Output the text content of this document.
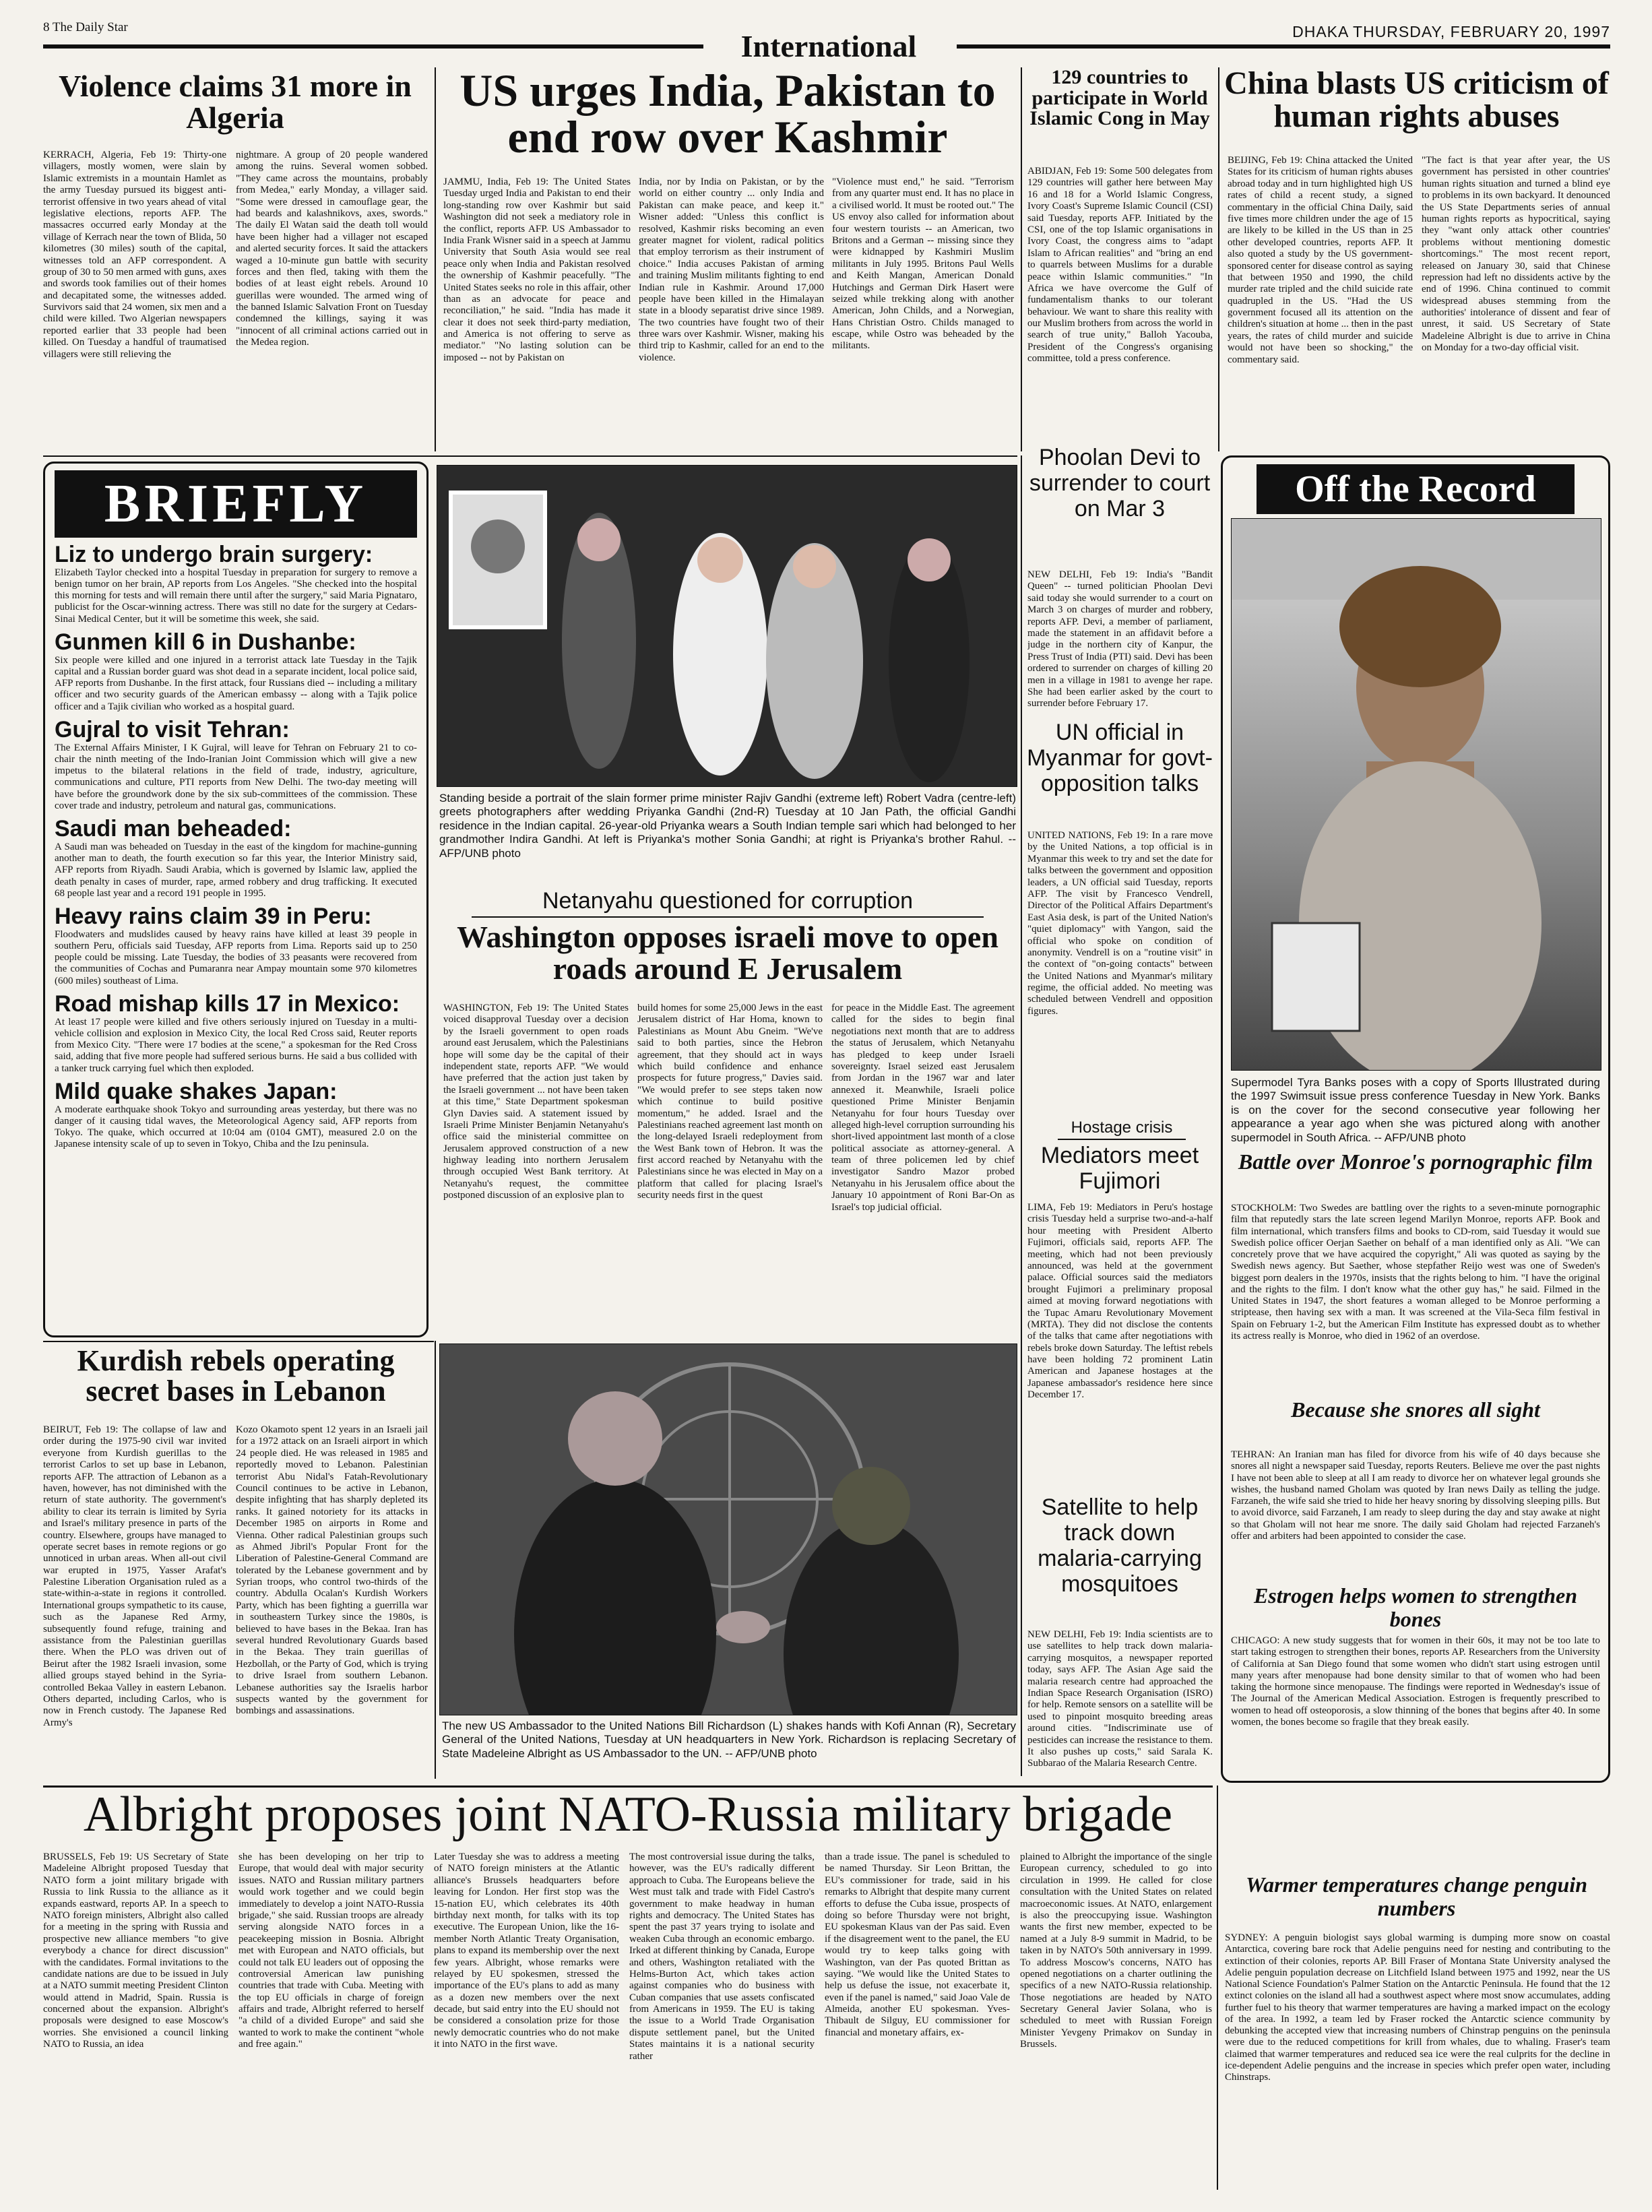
8 The Daily Star
International	DHAKA THURSDAY, FEBRUARY 20, 1997
Violence claims 31 more in Algeria

KERRACH, Algeria, Feb 19: Thirty-one villagers, mostly women, were slain by Islamic extremists in a mountain Hamlet as the army Tuesday pursued its biggest anti-terrorist offensive in two years ahead of vital legislative elections, reports AFP. The massacres occurred early Monday at the village of Kerrach near the town of Blida, 50 kilometres (30 miles) south of the capital, witnesses told an AFP correspondent. A group of 30 to 50 men armed with guns, axes and swords took families out of their homes and decapitated some, the witnesses added. Survivors said that 24 women, six men and a child were killed. Two Algerian newspapers reported earlier that 33 people had been killed. On Tuesday a handful of traumatised villagers were still relieving the

nightmare. A group of 20 people wandered among the ruins. Several women sobbed. "They came across the mountains, probably from Medea," early Monday, a villager said. "Some were dressed in camouflage gear, the had beards and kalashnikovs, axes, swords." The daily El Watan said the death toll would have been higher had a villager not escaped and alerted security forces. It said the attackers waged a 10-minute gun battle with security forces and then fled, taking with them the bodies of at least eight rebels. Around 10 guerillas were wounded. The armed wing of the banned Islamic Salvation Front on Tuesday condemned the killings, saying it was "innocent of all criminal actions carried out in the Medea region.

US urges India, Pakistan to end row over Kashmir

JAMMU, India, Feb 19: The United States Tuesday urged India and Pakistan to end their long-standing row over Kashmir but said Washington did not seek a mediatory role in the conflict, reports AFP. US Ambassador to India Frank Wisner said in a speech at Jammu University that South Asia would see real peace only when India and Pakistan resolved the ownership of Kashmir peacefully. "The United States seeks no role in this affair, other than as an advocate for peace and reconciliation," he said. "India has made it clear it does not seek third-party mediation, and America is not offering to serve as mediator." "No lasting solution can be imposed -- not by Pakistan on

India, nor by India on Pakistan, or by the world on either country ... only India and Pakistan can make peace, and keep it." Wisner added: "Unless this conflict is resolved, Kashmir risks becoming an even greater magnet for violent, radical politics that employ terrorism as their instrument of choice." India accuses Pakistan of arming and training Muslim militants fighting to end Indian rule in Kashmir. Around 17,000 people have been killed in the Himalayan state in a bloody separatist drive since 1989. The two countries have fought two of their three wars over Kashmir. Wisner, making his third trip to Kashmir, called for an end to the violence.

"Violence must end," he said. "Terrorism from any quarter must end. It has no place in a civilised world. It must be rooted out." The US envoy also called for information about four western tourists -- an American, two Britons and a German -- missing since they were kidnapped by Kashmiri Muslim militants in July 1995. Britons Paul Wells and Keith Mangan, American Donald Hutchings and German Dirk Hasert were seized while trekking along with another American, John Childs, and a Norwegian, Hans Christian Ostro. Childs managed to escape, while Ostro was beheaded by the militants.

129 countries to participate in World Islamic Cong in May

ABIDJAN, Feb 19: Some 500 delegates from 129 countries will gather here between May 16 and 18 for a World Islamic Congress, Ivory Coast's Supreme Islamic Council (CSI) said Tuesday, reports AFP. Initiated by the CSI, one of the top Islamic organisations in Ivory Coast, the congress aims to "adapt Islam to African realities" and "bring an end to quarrels between Muslims for a durable peace within Islamic communities." "In Africa we have overcome the Gulf of fundamentalism thanks to our tolerant behaviour. We want to share this reality with our Muslim brothers from across the world in search of true unity," Balloh Yacouba, President of the Congress's organising committee, told a press conference.

China blasts US criticism of human rights abuses

BEIJING, Feb 19: China attacked the United States for its criticism of human rights abuses abroad today and in turn highlighted high US rates of child a recent study, a signed commentary in the official China Daily, said five times more children under the age of 15 are likely to be killed in the US than in 25 other developed countries, reports AFP. It also quoted a study by the US government-sponsored center for disease control as saying that between 1950 and 1990, the child murder rate tripled and the child suicide rate quadrupled in the US. "Had the US government focused all its attention on the children's situation at home ... then in the past years, the rates of child murder and suicide would not have been so shocking," the commentary said.

"The fact is that year after year, the US government has persisted in other countries' human rights situation and turned a blind eye to problems in its own backyard. It denounced the US State Departments series of annual human rights reports as hypocritical, saying they "want only attack other countries' problems without mentioning domestic shortcomings." The most recent report, released on January 30, said that Chinese repression had left no dissidents active by the end of 1996. China continued to commit widespread abuses stemming from the authorities' intolerance of dissent and fear of unrest, it said. US Secretary of State Madeleine Albright is due to arrive in China on Monday for a two-day official visit.

BRIEFLY
Liz to undergo brain surgery:
Elizabeth Taylor checked into a hospital Tuesday in preparation for surgery to remove a benign tumor on her brain, AP reports from Los Angeles. "She checked into the hospital this morning for tests and will remain there until after the surgery," said Maria Pignataro, publicist for the Oscar-winning actress. There was still no date for the surgery at Cedars-Sinai Medical Center, but it will be sometime this week, she said.
Gunmen kill 6 in Dushanbe:
Six people were killed and one injured in a terrorist attack late Tuesday in the Tajik capital and a Russian border guard was shot dead in a separate incident, local police said, AFP reports from Dushanbe. In the first attack, four Russians died -- including a military officer and two security guards of the American embassy -- along with a Tajik police officer and a Tajik civilian who worked as a hospital guard.
Gujral to visit Tehran:
The External Affairs Minister, I K Gujral, will leave for Tehran on February 21 to co-chair the ninth meeting of the Indo-Iranian Joint Commission which will give a new impetus to the bilateral relations in the field of trade, industry, agriculture, communications and culture, PTI reports from New Delhi. The two-day meeting will have before the groundwork done by the six sub-committees of the commission. These cover trade and industry, petroleum and natural gas, communications.
Saudi man beheaded:
A Saudi man was beheaded on Tuesday in the east of the kingdom for machine-gunning another man to death, the fourth execution so far this year, the Interior Ministry said, AFP reports from Riyadh. Saudi Arabia, which is governed by Islamic law, applied the death penalty in cases of murder, rape, armed robbery and drug trafficking. It executed 68 people last year and a record 191 people in 1995.
Heavy rains claim 39 in Peru:
Floodwaters and mudslides caused by heavy rains have killed at least 39 people in southern Peru, officials said Tuesday, AFP reports from Lima. Reports said up to 250 people could be missing. Late Tuesday, the bodies of 33 peasants were recovered from the communities of Cochas and Pumaranra near Ampay mountain some 970 kilometres (600 miles) southeast of Lima.
Road mishap kills 17 in Mexico:
At least 17 people were killed and five others seriously injured on Tuesday in a multi-vehicle collision and explosion in Mexico City, the local Red Cross said, Reuter reports from Mexico City. "There were 17 bodies at the scene," a spokesman for the Red Cross said, adding that five more people had suffered serious burns. He said a bus collided with a tanker truck carrying fuel which then exploded.
Mild quake shakes Japan:
A moderate earthquake shook Tokyo and surrounding areas yesterday, but there was no danger of it causing tidal waves, the Meteorological Agency said, AFP reports from Tokyo. The quake, which occurred at 10:04 am (0104 GMT), measured 2.0 on the Japanese intensity scale of up to seven in Tokyo, Chiba and the Izu peninsula.
Standing beside a portrait of the slain former prime minister Rajiv Gandhi (extreme left) Robert Vadra (centre-left) greets photographers after wedding Priyanka Gandhi (2nd-R) Tuesday at 10 Jan Path, the official Gandhi residence in the Indian capital. 26-year-old Priyanka wears a South Indian temple sari which had belonged to her grandmother Indira Gandhi. At left is Priyanka's mother Sonia Gandhi; at right is Priyanka's brother Rahul. -- AFP/UNB photo
Netanyahu questioned for corruption
Washington opposes israeli move to open roads around E Jerusalem

WASHINGTON, Feb 19: The United States voiced disapproval Tuesday over a decision by the Israeli government to open roads around east Jerusalem, which the Palestinians hope will some day be the capital of their independent state, reports AFP. "We would have preferred that the action just taken by the Israeli government ... not have been taken at this time," State Department spokesman Glyn Davies said. A statement issued by Israeli Prime Minister Benjamin Netanyahu's office said the ministerial committee on Jerusalem approved construction of a new highway leading into northern Jerusalem through occupied West Bank territory. At Netanyahu's request, the committee postponed discussion of an explosive plan to

build homes for some 25,000 Jews in the east Jerusalem district of Har Homa, known to Palestinians as Mount Abu Gneim. "We've said to both parties, since the Hebron agreement, that they should act in ways which build confidence and enhance prospects for future progress," Davies said. "We would prefer to see steps taken now which continue to build positive momentum," he added. Israel and the Palestinians reached agreement last month on the long-delayed Israeli redeployment from the West Bank town of Hebron. It was the first accord reached by Netanyahu with the Palestinians since he was elected in May on a platform that called for placing Israel's security needs first in the quest

for peace in the Middle East. The agreement called for the sides to begin final negotiations next month that are to address the status of Jerusalem, which Netanyahu has pledged to keep under Israeli sovereignty. Israel seized east Jerusalem from Jordan in the 1967 war and later annexed it. Meanwhile, Israeli police questioned Prime Minister Benjamin Netanyahu for four hours Tuesday over alleged high-level corruption surrounding his short-lived appointment last month of a close political associate as attorney-general. A team of three policemen led by chief investigator Sandro Mazor probed Netanyahu in his Jerusalem office about the January 10 appointment of Roni Bar-On as Israel's top judicial official.

Phoolan Devi to surrender to court on Mar 3

NEW DELHI, Feb 19: India's "Bandit Queen" -- turned politician Phoolan Devi said today she would surrender to a court on March 3 on charges of murder and robbery, reports AFP. Devi, a member of parliament, made the statement in an affidavit before a judge in the northern city of Kanpur, the Press Trust of India (PTI) said. Devi has been ordered to surrender on charges of killing 20 men in a village in 1981 to avenge her rape. She had been earlier asked by the court to surrender before February 17.

UN official in Myanmar for govt-opposition talks

UNITED NATIONS, Feb 19: In a rare move by the United Nations, a top official is in Myanmar this week to try and set the date for talks between the government and opposition leaders, a UN official said Tuesday, reports AFP. The visit by Francesco Vendrell, Director of the Political Affairs Department's East Asia desk, is part of the United Nation's "quiet diplomacy" with Yangon, said the official who spoke on condition of anonymity. Vendrell is on a "routine visit" in the context of "on-going contacts" between the United Nations and Myanmar's military regime, the official added. No meeting was scheduled between Vendrell and opposition figures.

Hostage crisis
Mediators meet Fujimori

LIMA, Feb 19: Mediators in Peru's hostage crisis Tuesday held a surprise two-and-a-half hour meeting with President Alberto Fujimori, officials said, reports AFP. The meeting, which had not been previously announced, was held at the government palace. Official sources said the mediators brought Fujimori a preliminary proposal aimed at moving forward negotiations with the Tupac Amaru Revolutionary Movement (MRTA). They did not disclose the contents of the talks that came after negotiations with rebels broke down Saturday. The leftist rebels have been holding 72 prominent Latin American and Japanese hostages at the Japanese ambassador's residence here since December 17.

Satellite to help track down malaria-carrying mosquitoes

NEW DELHI, Feb 19: India scientists are to use satellites to help track down malaria-carrying mosquitos, a newspaper reported today, says AFP. The Asian Age said the malaria research centre had approached the Indian Space Research Organisation (ISRO) for help. Remote sensors on a satellite will be used to pinpoint mosquito breeding areas around cities. "Indiscriminate use of pesticides can increase the resistance to them. It also pushes up costs," said Sarala K. Subbarao of the Malaria Research Centre.

Kurdish rebels operating secret bases in Lebanon

BEIRUT, Feb 19: The collapse of law and order during the 1975-90 civil war invited everyone from Kurdish guerillas to the terrorist Carlos to set up base in Lebanon, reports AFP. The attraction of Lebanon as a haven, however, has not diminished with the return of state authority. The government's ability to clear its terrain is limited by Syria and Israel's military presence in parts of the country. Elsewhere, groups have managed to operate secret bases in remote regions or go unnoticed in urban areas. When all-out civil war erupted in 1975, Yasser Arafat's Palestine Liberation Organisation ruled as a state-within-a-state in regions it controlled. International groups sympathetic to its cause, such as the Japanese Red Army, subsequently found refuge, training and assistance from the Palestinian guerillas there. When the PLO was driven out of Beirut after the 1982 Israeli invasion, some allied groups stayed behind in the Syria-controlled Bekaa Valley in eastern Lebanon. Others departed, including Carlos, who is now in French custody. The Japanese Red Army's

Kozo Okamoto spent 12 years in an Israeli jail for a 1972 attack on an Israeli airport in which 24 people died. He was released in 1985 and reportedly moved to Lebanon. Palestinian terrorist Abu Nidal's Fatah-Revolutionary Council continues to be active in Lebanon, despite infighting that has sharply depleted its ranks. It gained notoriety for its attacks in December 1985 on airports in Rome and Vienna. Other radical Palestinian groups such as Ahmed Jibril's Popular Front for the Liberation of Palestine-General Command are tolerated by the Lebanese government and by Syrian troops, who control two-thirds of the country. Abdulla Ocalan's Kurdish Workers Party, which has been fighting a guerrilla war in southeastern Turkey since the 1980s, is believed to have bases in the Bekaa. Iran has several hundred Revolutionary Guards based in the Bekaa. They train guerillas of Hezbollah, or the Party of God, which is trying to drive Israel from southern Lebanon. Lebanese authorities say the Israelis harbor suspects wanted by the government for bombings and assassinations.

The new US Ambassador to the United Nations Bill Richardson (L) shakes hands with Kofi Annan (R), Secretary General of the United Nations, Tuesday at UN headquarters in New York. Richardson is replacing Secretary of State Madeleine Albright as US Ambassador to the UN. -- AFP/UNB photo
Off the Record
Supermodel Tyra Banks poses with a copy of Sports Illustrated during the 1997 Swimsuit issue press conference Tuesday in New York. Banks is on the cover for the second consecutive year following her appearance a year ago when she was pictured along with another supermodel in South Africa. -- AFP/UNB photo
Battle over Monroe's pornographic film
STOCKHOLM: Two Swedes are battling over the rights to a seven-minute pornographic film that reputedly stars the late screen legend Marilyn Monroe, reports AFP. Book and film international, which transfers films and books to CD-rom, said Tuesday it would sue Swedish police officer Oerjan Saether on behalf of a man identified only as Ali. "We can concretely prove that we have acquired the copyright," Ali was quoted as saying by the Swedish news agency. But Saether, whose stepfather Reijo west was one of Sweden's biggest porn dealers in the 1970s, insists that the rights belong to him. "I have the original and the rights to the film. I don't know what the other guy has," he said. Filmed in the United States in 1947, the short features a woman alleged to be Monroe performing a striptease, then having sex with a man. It was screened at the Vila-Seca film festival in Spain on February 1-2, but the American Film Institute has expressed doubt as to whether its actress really is Monroe, who died in 1962 of an overdose.
Because she snores all sight
TEHRAN: An Iranian man has filed for divorce from his wife of 40 days because she snores all night a newspaper said Tuesday, reports Reuters. Believe me over the past nights I have not been able to sleep at all I am ready to divorce her on whatever legal grounds she wishes, the husband named Gholam was quoted by Iran news Daily as telling the judge. Farzaneh, the wife said she tried to hide her heavy snoring by dissolving sleeping pills. But to avoid divorce, said Farzaneh, I am ready to sleep during the day and stay awake at night so that Gholam will not hear me snore. The daily said Gholam had rejected Farzaneh's offer and arbiters had been appointed to consider the case.
Estrogen helps women to strengthen bones
CHICAGO: A new study suggests that for women in their 60s, it may not be too late to start taking estrogen to strengthen their bones, reports AP. Researchers from the University of California at San Diego found that some women who didn't start using estrogen until many years after menopause had bone density similar to that of women who had been taking the hormone since menopause. The findings were reported in Wednesday's issue of The Journal of the American Medical Association. Estrogen is frequently prescribed to women to head off osteoporosis, a slow thinning of the bones that begins after 40. In some women, the bones become so fragile that they break easily.
Albright proposes joint NATO-Russia military brigade

BRUSSELS, Feb 19: US Secretary of State Madeleine Albright proposed Tuesday that NATO form a joint military brigade with Russia to link Russia to the alliance as it expands eastward, reports AP. In a speech to NATO foreign ministers, Albright also called for a meeting in the spring with Russia and prospective new alliance members "to give everybody a chance for direct discussion" with the candidates. Formal invitations to the candidate nations are due to be issued in July at a NATO summit meeting President Clinton would attend in Madrid, Spain. Russia is concerned about the expansion. Albright's proposals were designed to ease Moscow's worries. She envisioned a council linking NATO to Russia, an idea

she has been developing on her trip to Europe, that would deal with major security issues. NATO and Russian military partners would work together and we could begin immediately to develop a joint NATO-Russia brigade," she said. Russian troops are already serving alongside NATO forces in a peacekeeping mission in Bosnia. Albright met with European and NATO officials, but could not talk EU leaders out of opposing the controversial American law punishing countries that trade with Cuba. Meeting with the top EU officials in charge of foreign affairs and trade, Albright referred to herself "a child of a divided Europe" and said she wanted to work to make the continent "whole and free again."

Later Tuesday she was to address a meeting of NATO foreign ministers at the Atlantic alliance's Brussels headquarters before leaving for London. Her first stop was the 15-nation EU, which celebrates its 40th birthday next month, for talks with its top executive. The European Union, like the 16-member North Atlantic Treaty Organisation, plans to expand its membership over the next few years. Albright, whose remarks were relayed by EU spokesmen, stressed the importance of the EU's plans to add as many as a dozen new members over the next decade, but said entry into the EU should not be considered a consolation prize for those newly democratic countries who do not make it into NATO in the first wave.

The most controversial issue during the talks, however, was the EU's radically different approach to Cuba. The Europeans believe the West must talk and trade with Fidel Castro's government to make headway in human rights and democracy. The United States has spent the past 37 years trying to isolate and weaken Cuba through an economic embargo. Irked at different thinking by Canada, Europe and others, Washington retaliated with the Helms-Burton Act, which takes action against companies who do business with Cuban companies that use assets confiscated from Americans in 1959. The EU is taking the issue to a World Trade Organisation dispute settlement panel, but the United States maintains it is a national security rather

than a trade issue. The panel is scheduled to be named Thursday. Sir Leon Brittan, the EU's commissioner for trade, said in his remarks to Albright that despite many current efforts to defuse the Cuba issue, prospects of doing so before Thursday were not bright, EU spokesman Klaus van der Pas said. Even if the disagreement went to the panel, the EU would try to keep talks going with Washington, van der Pas quoted Brittan as saying. "We would like the United States to help us defuse the issue, not exacerbate it, even if the panel is named," said Joao Vale de Almeida, another EU spokesman. Yves-Thibault de Silguy, EU commissioner for financial and monetary affairs, ex-

plained to Albright the importance of the single European currency, scheduled to go into circulation in 1999. He called for close consultation with the United States on related macroeconomic issues. At NATO, enlargement is also the preoccupying issue. Washington wants the first new member, expected to be named at a July 8-9 summit in Madrid, to be taken in by NATO's 50th anniversary in 1999. To address Moscow's concerns, NATO has opened negotiations on a charter outlining the specifics of a new NATO-Russia relationship. Those negotiations are headed by NATO Secretary General Javier Solana, who is scheduled to meet with Russian Foreign Minister Yevgeny Primakov on Sunday in Brussels.

Warmer temperatures change penguin numbers
SYDNEY: A penguin biologist says global warming is dumping more snow on coastal Antarctica, covering bare rock that Adelie penguins need for nesting and contributing to the extinction of their colonies, reports AP. Bill Fraser of Montana State University analysed the Adelie penguin population decrease on Litchfield Island between 1975 and 1992, near the US National Science Foundation's Palmer Station on the Antarctic Peninsula. He found that the 12 extinct colonies on the island all had a southwest aspect where most snow accumulates, adding further fuel to his theory that warmer temperatures are having a marked impact on the ecology of the area. In 1992, a team led by Fraser rocked the Antarctic science community by debunking the accepted view that increasing numbers of Chinstrap penguins on the peninsula were due to the reduced competitions for krill from whales, due to whaling. Fraser's team claimed that warmer temperatures and reduced sea ice were the real culprits for the decline in ice-dependent Adelie penguins and the increase in species which prefer open water, including Chinstraps.
